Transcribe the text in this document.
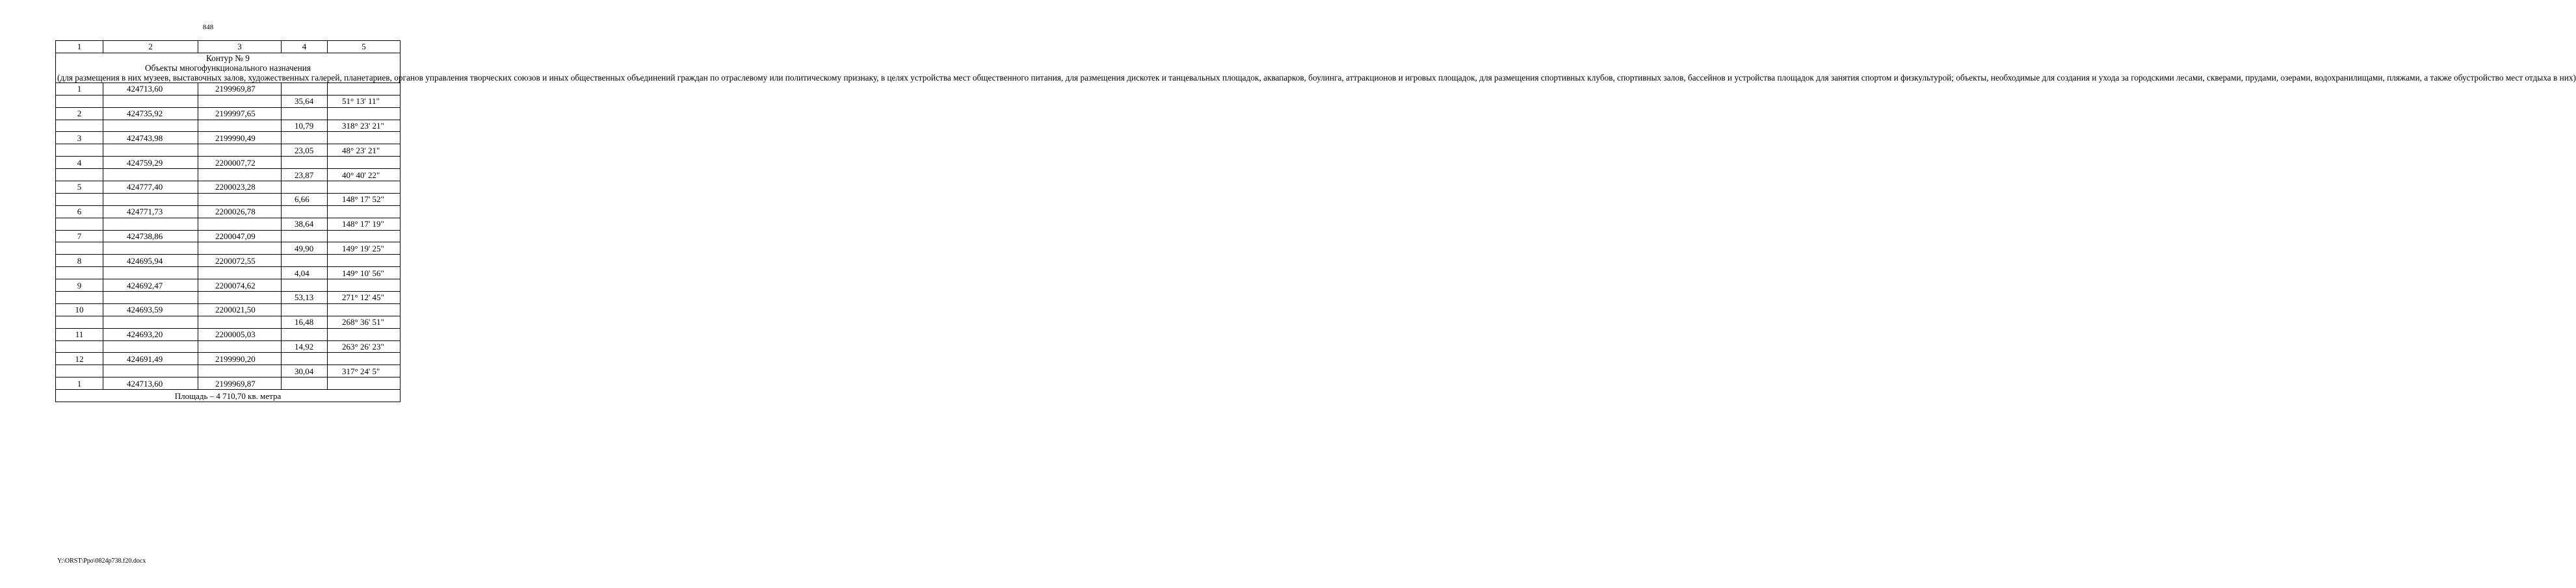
848
1	2	3	4	5

Контур № 9
Объекты многофункционального назначения
(для размещения в них музеев, выставочных залов, художественных галерей, планетариев, органов управления творческих союзов и иных общественных объединений граждан по отраслевому или политическому признаку, в целях устройства мест общественного питания, для размещения дискотек и танцевальных площадок, аквапарков, боулинга, аттракционов и игровых площадок, для размещения спортивных клубов, спортивных залов, бассейнов и устройства площадок для занятия спортом и физкультурой; объекты, необходимые для создания и ухода за городскими лесами, скверами, прудами, озерами, водохранилищами, пляжами, а также обустройство мест отдыха в них)				

1	424713,60	2199969,87		
			35,64	51° 13' 11"
2	424735,92	2199997,65		
			10,79	318° 23' 21"
3	424743,98	2199990,49		
			23,05	48° 23' 21"
4	424759,29	2200007,72		
			23,87	40° 40' 22"
5	424777,40	2200023,28		
			6,66	148° 17' 52"
6	424771,73	2200026,78		
			38,64	148° 17' 19"
7	424738,86	2200047,09		
			49,90	149° 19' 25"
8	424695,94	2200072,55		
			4,04	149° 10' 56"
9	424692,47	2200074,62		
			53,13	271° 12' 45"
10	424693,59	2200021,50		
			16,48	268° 36' 51"
11	424693,20	2200005,03		
			14,92	263° 26' 23"
12	424691,49	2199990,20		
			30,04	317° 24' 5"
1	424713,60	2199969,87		
Площадь – 4 710,70 кв. метра				
Y:\ORST\Ppo\0824p738.f20.docx
